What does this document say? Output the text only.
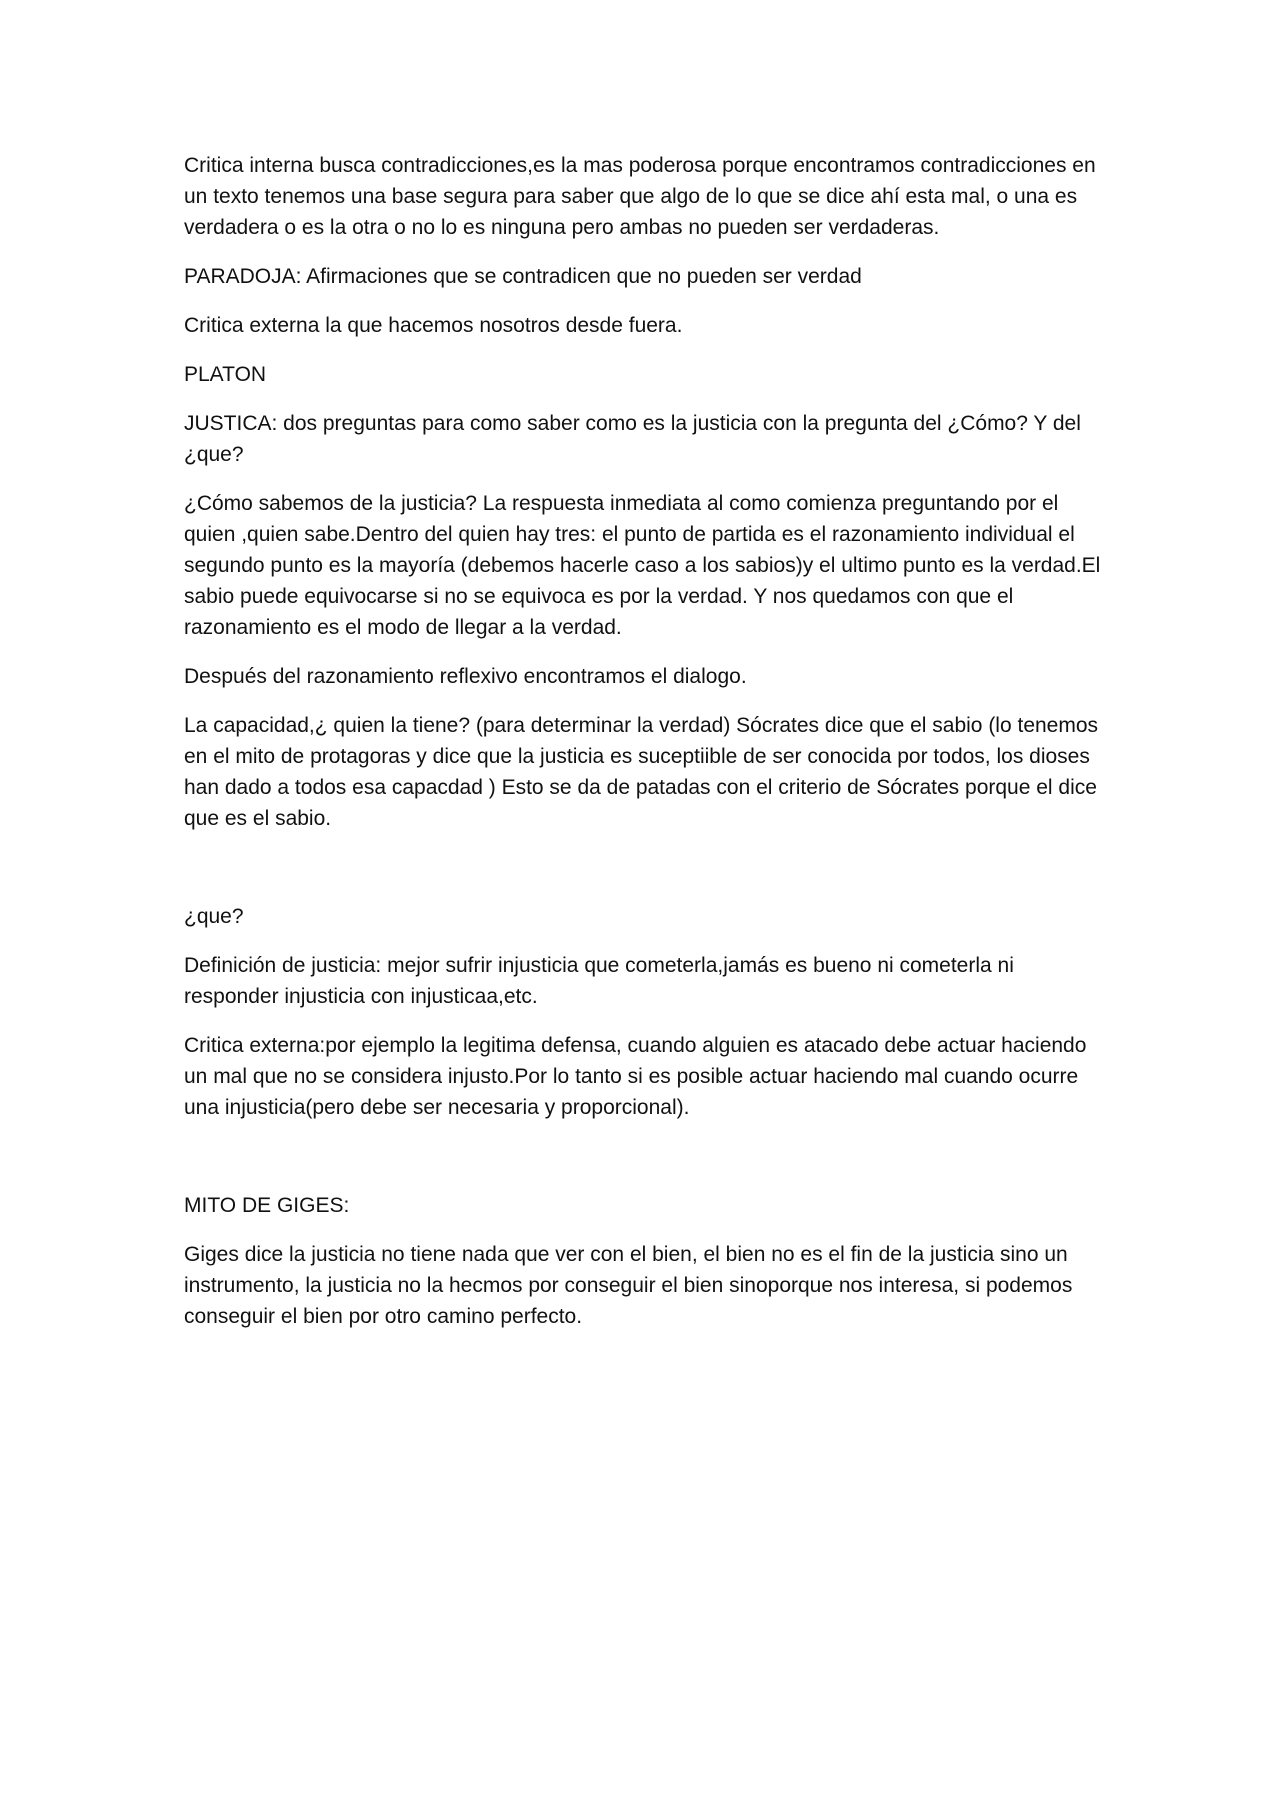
Critica interna busca contradicciones,es la mas poderosa porque encontramos contradicciones en un texto tenemos una base segura para saber que algo de lo que se dice ahí esta mal, o una es verdadera o es la otra o no lo es ninguna pero ambas no pueden ser verdaderas.

PARADOJA: Afirmaciones que se contradicen que no pueden ser verdad

Critica externa la que hacemos nosotros desde fuera.

PLATON

JUSTICA: dos preguntas para como saber como es la justicia con la pregunta del ¿Cómo? Y del ¿que?

¿Cómo sabemos de la justicia? La respuesta inmediata al como comienza preguntando por el quien ,quien sabe.Dentro del quien hay tres: el punto de partida es el razonamiento individual el segundo punto es la mayoría (debemos hacerle caso a los sabios)y el ultimo punto es la verdad.El sabio puede equivocarse si no se equivoca es por la verdad. Y nos quedamos con que el razonamiento es el modo de llegar a la verdad.

Después del razonamiento reflexivo encontramos el dialogo.

La capacidad,¿ quien la tiene? (para determinar la verdad) Sócrates dice que el sabio (lo tenemos en el mito de protagoras y dice que la justicia es suceptiible de ser conocida por todos, los dioses han dado a todos esa capacdad ) Esto se da de patadas con el criterio de Sócrates porque el dice que es el sabio.

¿que?

Definición de justicia: mejor sufrir injusticia que cometerla,jamás es bueno ni cometerla ni responder injusticia con injusticaa,etc.

Critica externa:por ejemplo la legitima defensa, cuando alguien es atacado debe actuar haciendo un mal que no se considera injusto.Por lo tanto si es posible actuar haciendo mal cuando ocurre una injusticia(pero debe ser necesaria y proporcional).

MITO DE GIGES:

Giges dice la justicia no tiene nada que ver con el bien, el bien no es el fin de la justicia sino un instrumento, la justicia no la hecmos por conseguir el bien sinoporque nos interesa, si podemos conseguir el bien por otro camino perfecto.
